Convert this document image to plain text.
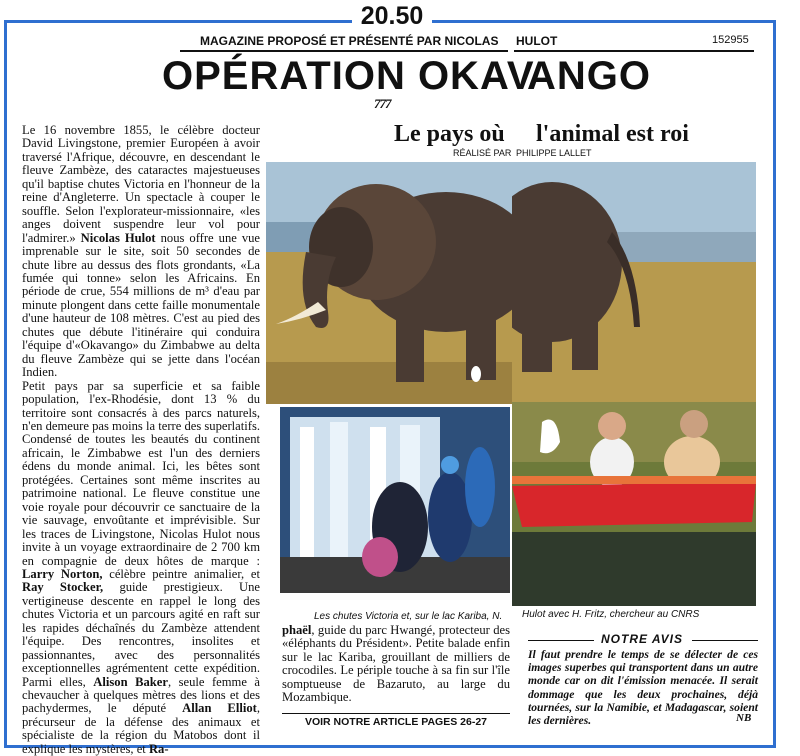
20.50
MAGAZINE PROPOSÉ ET PRÉSENTÉ PAR NICOLAS HULOT	152955
OPÉRATION OKAV
ANGO
777
Le pays où l'animal est roi
RÉALISÉ PAR PHILIPPE LALLET
Les chutes Victoria et, sur le lac Kariba, N. Hulot avec H. Fritz, chercheur au CNRS

Le 16 novembre 1855, le célèbre docteur David Livingstone, premier Européen à avoir traversé l'Afrique, découvre, en descendant le fleuve Zambèze, des cataractes majestueuses qu'il baptise chutes Victoria en l'honneur de la reine d'Angleterre. Un spectacle à couper le souffle. Selon l'explorateur-missionnaire, «les anges doivent suspendre leur vol pour l'admirer.» Nicolas Hulot nous offre une vue imprenable sur le site, soit 50 secondes de chute libre au dessus des flots grondants, «La fumée qui tonne» selon les Africains. En période de crue, 554 millions de m³ d'eau par minute plongent dans cette faille monumentale d'une hauteur de 108 mètres. C'est au pied des chutes que débute l'itinéraire qui conduira l'équipe d'«Okavango» du Zimbabwe au delta du fleuve Zambèze qui se jette dans l'océan Indien.

Petit pays par sa superficie et sa faible population, l'ex-Rhodésie, dont 13 % du territoire sont consacrés à des parcs naturels, n'en demeure pas moins la terre des superlatifs. Condensé de toutes les beautés du continent africain, le Zimbabwe est l'un des derniers édens du monde animal. Ici, les bêtes sont protégées. Certaines sont même inscrites au patrimoine national. Le fleuve constitue une voie royale pour découvrir ce sanctuaire de la vie sauvage, envoûtante et imprévisible. Sur les traces de Livingstone, Nicolas Hulot nous invite à un voyage extraordinaire de 2 700 km en compagnie de deux hôtes de marque : Larry Norton, célèbre peintre animalier, et Ray Stocker, guide prestigieux. Une vertigineuse descente en rappel le long des chutes Victoria et un parcours agité en raft sur les rapides déchaînés du Zambèze attendent l'équipe. Des rencontres, insolites et passionnantes, avec des personnalités exceptionnelles agrémentent cette expédition. Parmi elles, Alison Baker, seule femme à chevaucher à quelques mètres des lions et des pachydermes, le député Allan Elliot, précurseur de la défense des animaux et spécialiste de la région du Matobos dont il explique les mystères, et Ra-

phaël, guide du parc Hwangé, protecteur des «éléphants du Président». Petite balade enfin sur le lac Kariba, grouillant de milliers de crocodiles. Le périple touche à sa fin sur l'île somptueuse de Bazaruto, au large du Mozambique.
VOIR NOTRE ARTICLE PAGES 26-27
NOTRE AVIS
Il faut prendre le temps de se délecter de ces images superbes qui transportent dans un autre monde car on dit l'émission menacée. Il serait dommage que les deux prochaines, déjà tournées, sur la Namibie, et Madagascar, soient les dernières.	NB
